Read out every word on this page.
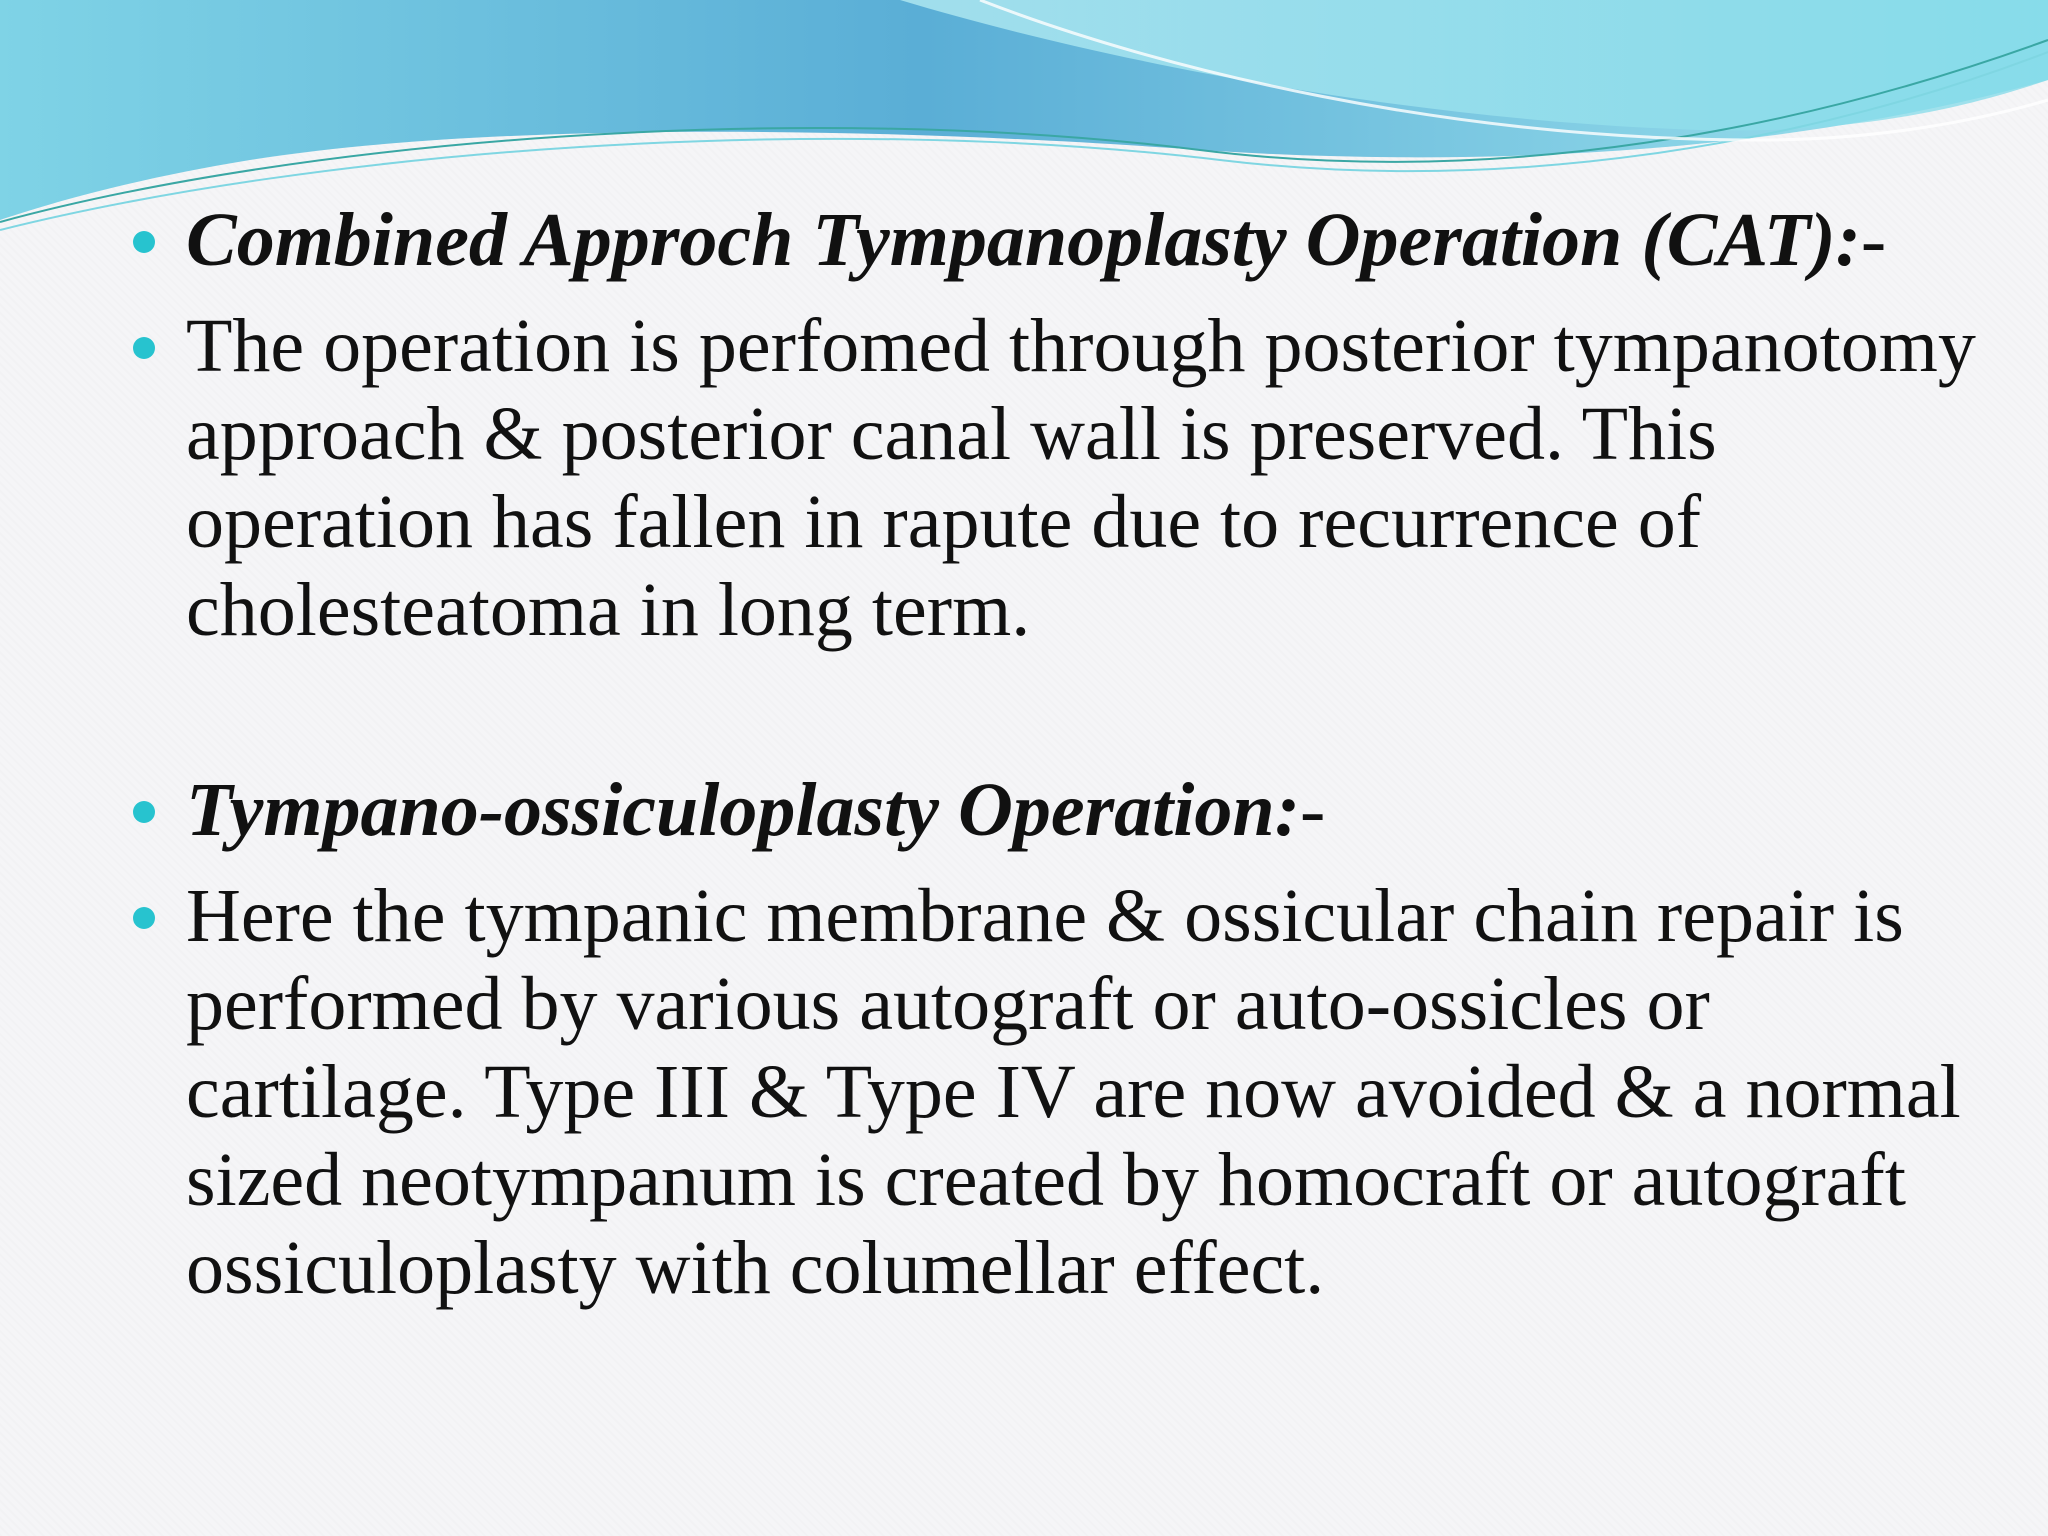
Combined Approch Tympanoplasty Operation (CAT):-
The operation is perfomed through posterior tympanotomy approach & posterior canal wall is preserved. This operation has fallen in rapute due to recurrence of cholesteatoma in long term.
Tympano-ossiculoplasty Operation:-
Here the tympanic membrane & ossicular chain repair is performed by various autograft or auto-ossicles or cartilage. Type III & Type IV are now avoided & a normal sized neotympanum is created by homocraft or autograft ossiculoplasty with columellar effect.
